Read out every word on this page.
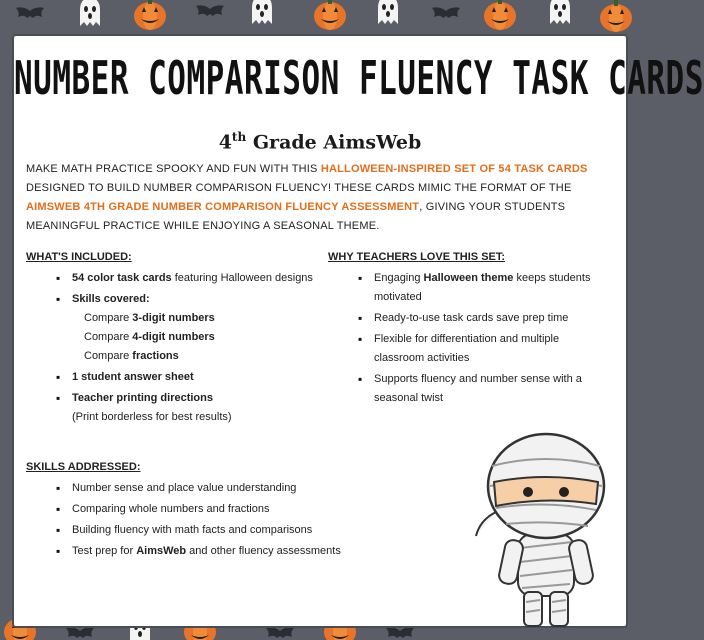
NUMBER COMPARISON FLUENCY TASK CARDS
4th Grade AimsWeb
MAKE MATH PRACTICE SPOOKY AND FUN WITH THIS HALLOWEEN-INSPIRED SET OF 54 TASK CARDS DESIGNED TO BUILD NUMBER COMPARISON FLUENCY! THESE CARDS MIMIC THE FORMAT OF THE AIMSWEB 4TH GRADE NUMBER COMPARISON FLUENCY ASSESSMENT, GIVING YOUR STUDENTS MEANINGFUL PRACTICE WHILE ENJOYING A SEASONAL THEME.
WHAT'S INCLUDED:
▪ 54 color task cards featuring Halloween designs
▪ Skills covered:
Compare 3-digit numbers
Compare 4-digit numbers
Compare fractions
▪ 1 student answer sheet
▪ Teacher printing directions
(Print borderless for best results)
WHY TEACHERS LOVE THIS SET:
▪ Engaging Halloween theme keeps students motivated
▪ Ready-to-use task cards save prep time
▪ Flexible for differentiation and multiple classroom activities
▪ Supports fluency and number sense with a seasonal twist
SKILLS ADDRESSED:
▪ Number sense and place value understanding
▪ Comparing whole numbers and fractions
▪ Building fluency with math facts and comparisons
▪ Test prep for AimsWeb and other fluency assessments
